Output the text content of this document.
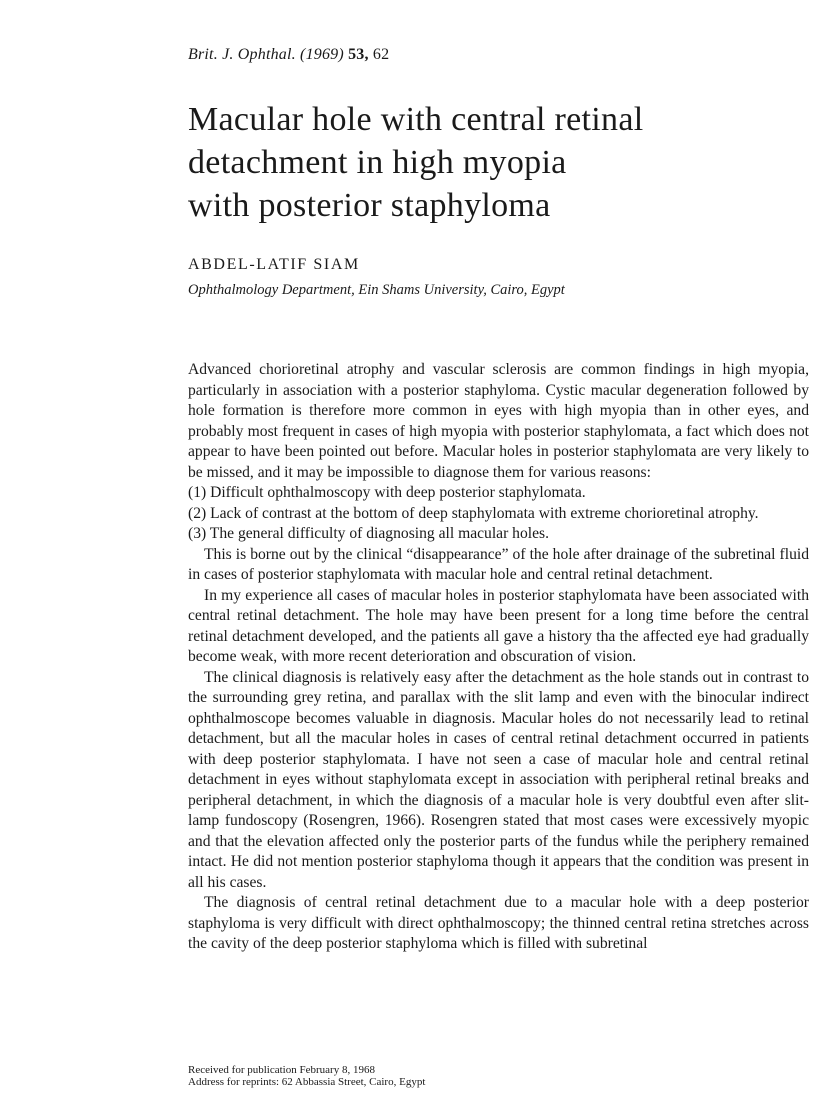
Brit. J. Ophthal. (1969) 53, 62
Macular hole with central retinal
detachment in high myopia
with posterior staphyloma
ABDEL-LATIF SIAM
Ophthalmology Department, Ein Shams University, Cairo, Egypt

Advanced chorioretinal atrophy and vascular sclerosis are common findings in high myopia, particularly in association with a posterior staphyloma. Cystic macular degeneration followed by hole formation is therefore more common in eyes with high myopia than in other eyes, and probably most frequent in cases of high myopia with posterior staphylomata, a fact which does not appear to have been pointed out before. Macular holes in posterior staphylomata are very likely to be missed, and it may be impossible to diagnose them for various reasons:

(1) Difficult ophthalmoscopy with deep posterior staphylomata.

(2) Lack of contrast at the bottom of deep staphylomata with extreme chorioretinal atrophy.

(3) The general difficulty of diagnosing all macular holes.

This is borne out by the clinical “disappearance” of the hole after drainage of the subretinal fluid in cases of posterior staphylomata with macular hole and central retinal detachment.

In my experience all cases of macular holes in posterior staphylomata have been associated with central retinal detachment. The hole may have been present for a long time before the central retinal detachment developed, and the patients all gave a history tha the affected eye had gradually become weak, with more recent deterioration and obscuration of vision.

The clinical diagnosis is relatively easy after the detachment as the hole stands out in contrast to the surrounding grey retina, and parallax with the slit lamp and even with the binocular indirect ophthalmoscope becomes valuable in diagnosis. Macular holes do not necessarily lead to retinal detachment, but all the macular holes in cases of central retinal detachment occurred in patients with deep posterior staphylomata. I have not seen a case of macular hole and central retinal detachment in eyes without staphylomata except in association with peripheral retinal breaks and peripheral detachment, in which the diagnosis of a macular hole is very doubtful even after slit-lamp fundoscopy (Rosengren, 1966). Rosengren stated that most cases were excessively myopic and that the elevation affected only the posterior parts of the fundus while the periphery remained intact. He did not mention posterior staphyloma though it appears that the condition was present in all his cases.

The diagnosis of central retinal detachment due to a macular hole with a deep posterior staphyloma is very difficult with direct ophthalmoscopy; the thinned central retina stretches across the cavity of the deep posterior staphyloma which is filled with subretinal

Received for publication February 8, 1968
Address for reprints: 62 Abbassia Street, Cairo, Egypt
